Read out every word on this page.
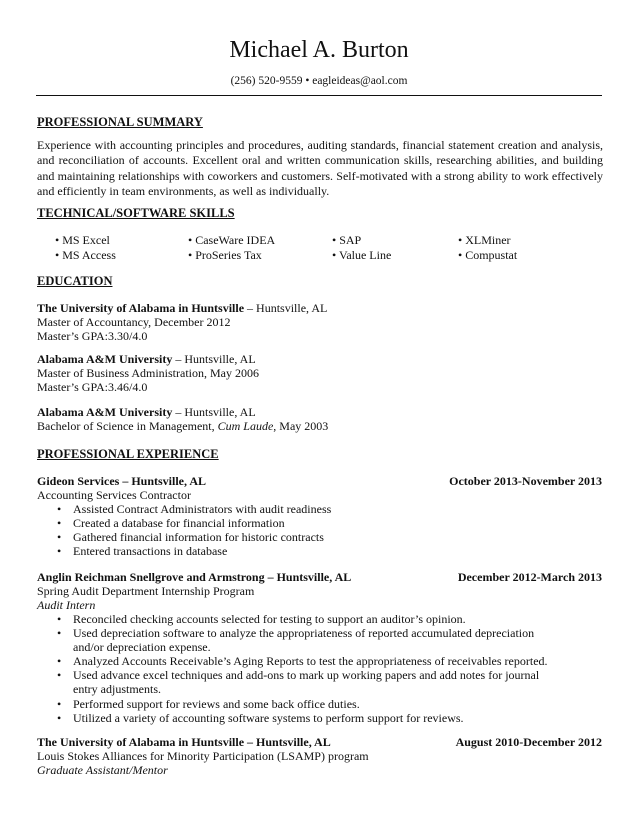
Michael A. Burton
(256) 520-9559 • eagleideas@aol.com
PROFESSIONAL SUMMARY
Experience with accounting principles and procedures, auditing standards, financial statement creation and analysis, and reconciliation of accounts. Excellent oral and written communication skills, researching abilities, and building and maintaining relationships with coworkers and customers. Self-motivated with a strong ability to work effectively and efficiently in team environments, as well as individually.
TECHNICAL/SOFTWARE SKILLS
• MS Excel	• CaseWare IDEA	• SAP	• XLMiner
• MS Access	• ProSeries Tax	• Value Line	• Compustat
EDUCATION
The University of Alabama in Huntsville – Huntsville, AL
Master of Accountancy, December 2012
Master’s GPA:3.30/4.0
Alabama A&M University – Huntsville, AL
Master of Business Administration, May 2006
Master’s GPA:3.46/4.0
Alabama A&M University – Huntsville, AL
Bachelor of Science in Management, Cum Laude, May 2003
PROFESSIONAL EXPERIENCE
Gideon Services – Huntsville, AL	October 2013-November 2013
Accounting Services Contractor
• Assisted Contract Administrators with audit readiness
• Created a database for financial information
• Gathered financial information for historic contracts
• Entered transactions in database
Anglin Reichman Snellgrove and Armstrong – Huntsville, AL	December 2012-March 2013
Spring Audit Department Internship Program
Audit Intern
• Reconciled checking accounts selected for testing to support an auditor’s opinion.
• Used depreciation software to analyze the appropriateness of reported accumulated depreciation and/or depreciation expense.
• Analyzed Accounts Receivable’s Aging Reports to test the appropriateness of receivables reported.
• Used advance excel techniques and add-ons to mark up working papers and add notes for journal entry adjustments.
• Performed support for reviews and some back office duties.
• Utilized a variety of accounting software systems to perform support for reviews.
The University of Alabama in Huntsville – Huntsville, AL	August 2010-December 2012
Louis Stokes Alliances for Minority Participation (LSAMP) program
Graduate Assistant/Mentor
